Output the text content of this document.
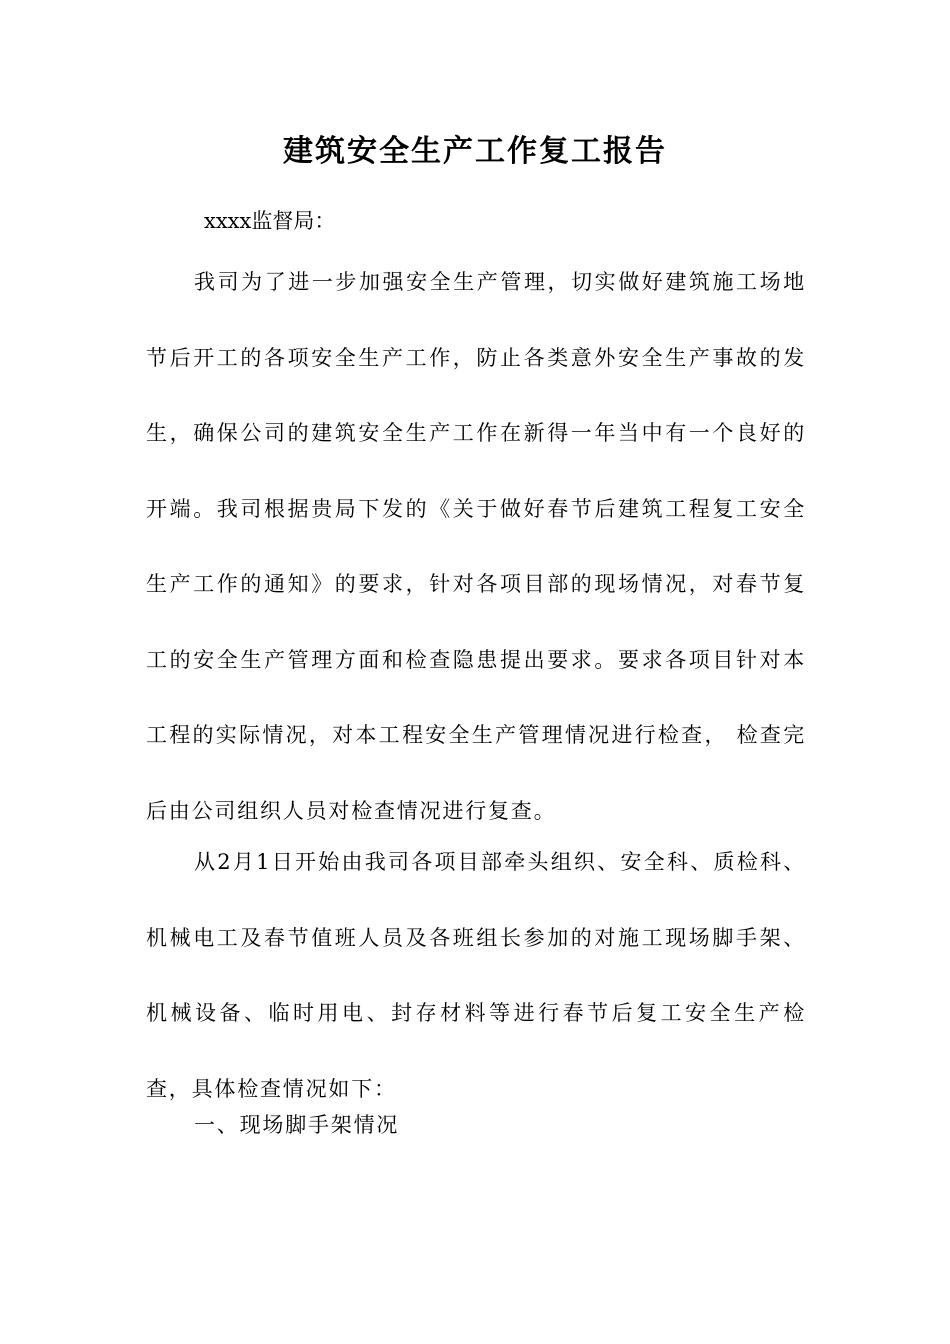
建筑安全生产工作复工报告

xxxx监督局：

我司为了进一步加强安全生产管理，切实做好建筑施工场地节后开工的各项安全生产工作，防止各类意外安全生产事故的发生，确保公司的建筑安全生产工作在新得一年当中有一个良好的开端。我司根据贵局下发的《关于做好春节后建筑工程复工安全生产工作的通知》的要求，针对各项目部的现场情况，对春节复工的安全生产管理方面和检查隐患提出要求。要求各项目针对本工程的实际情况，对本工程安全生产管理情况进行检查， 检查完后由公司组织人员对检查情况进行复查。

从2月1日开始由我司各项目部牵头组织、安全科、质检科、机械电工及春节值班人员及各班组长参加的对施工现场脚手架、机械设备、临时用电、封存材料等进行春节后复工安全生产检查，具体检查情况如下：

一、现场脚手架情况
